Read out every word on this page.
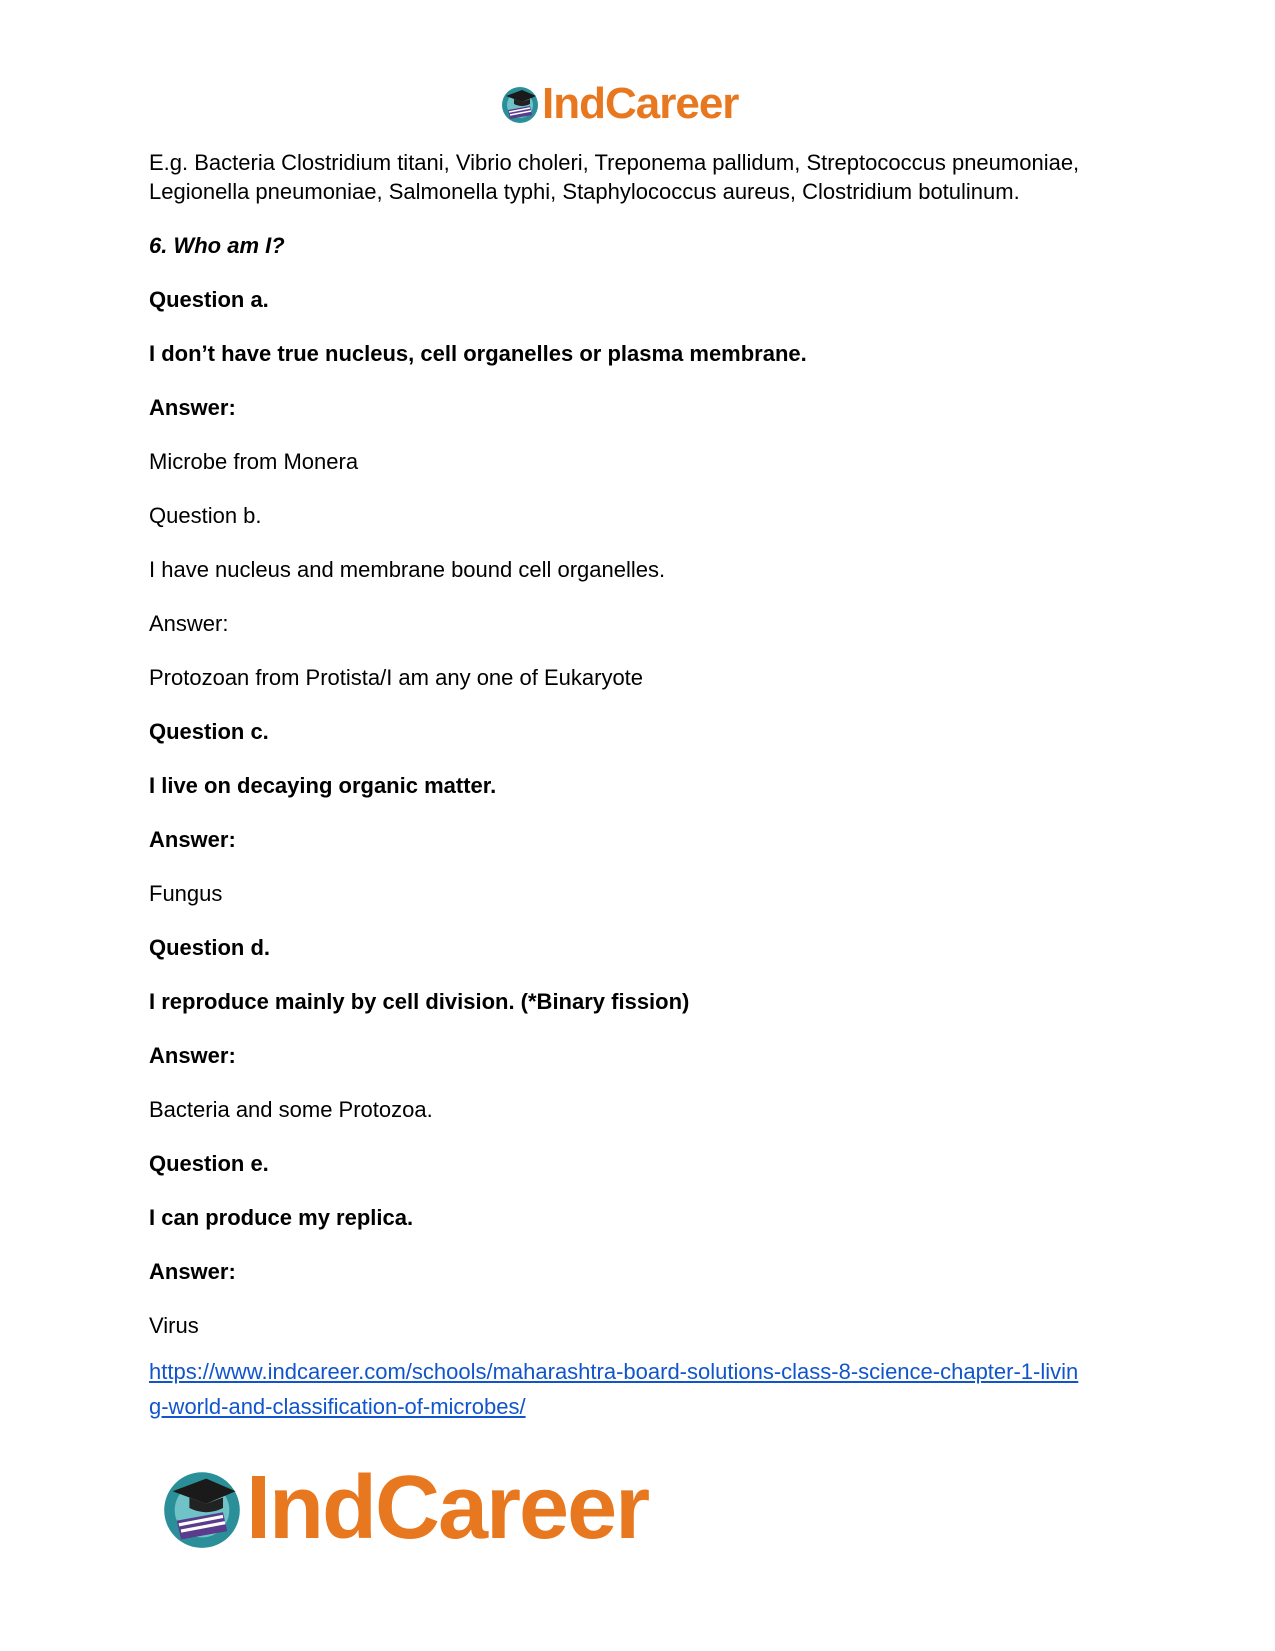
IndCareer
E.g. Bacteria Clostridium titani, Vibrio choleri, Treponema pallidum, Streptococcus pneumoniae,
Legionella pneumoniae, Salmonella typhi, Staphylococcus aureus, Clostridium botulinum.
6. Who am I?
Question a.
I don’t have true nucleus, cell organelles or plasma membrane.
Answer:
Microbe from Monera
Question b.
I have nucleus and membrane bound cell organelles.
Answer:
Protozoan from Protista/I am any one of Eukaryote
Question c.
I live on decaying organic matter.
Answer:
Fungus
Question d.
I reproduce mainly by cell division. (*Binary fission)
Answer:
Bacteria and some Protozoa.
Question e.
I can produce my replica.
Answer:
Virus
https://www.indcareer.com/schools/maharashtra-board-solutions-class-8-science-chapter-1-livin
g-world-and-classification-of-microbes/
IndCareer
